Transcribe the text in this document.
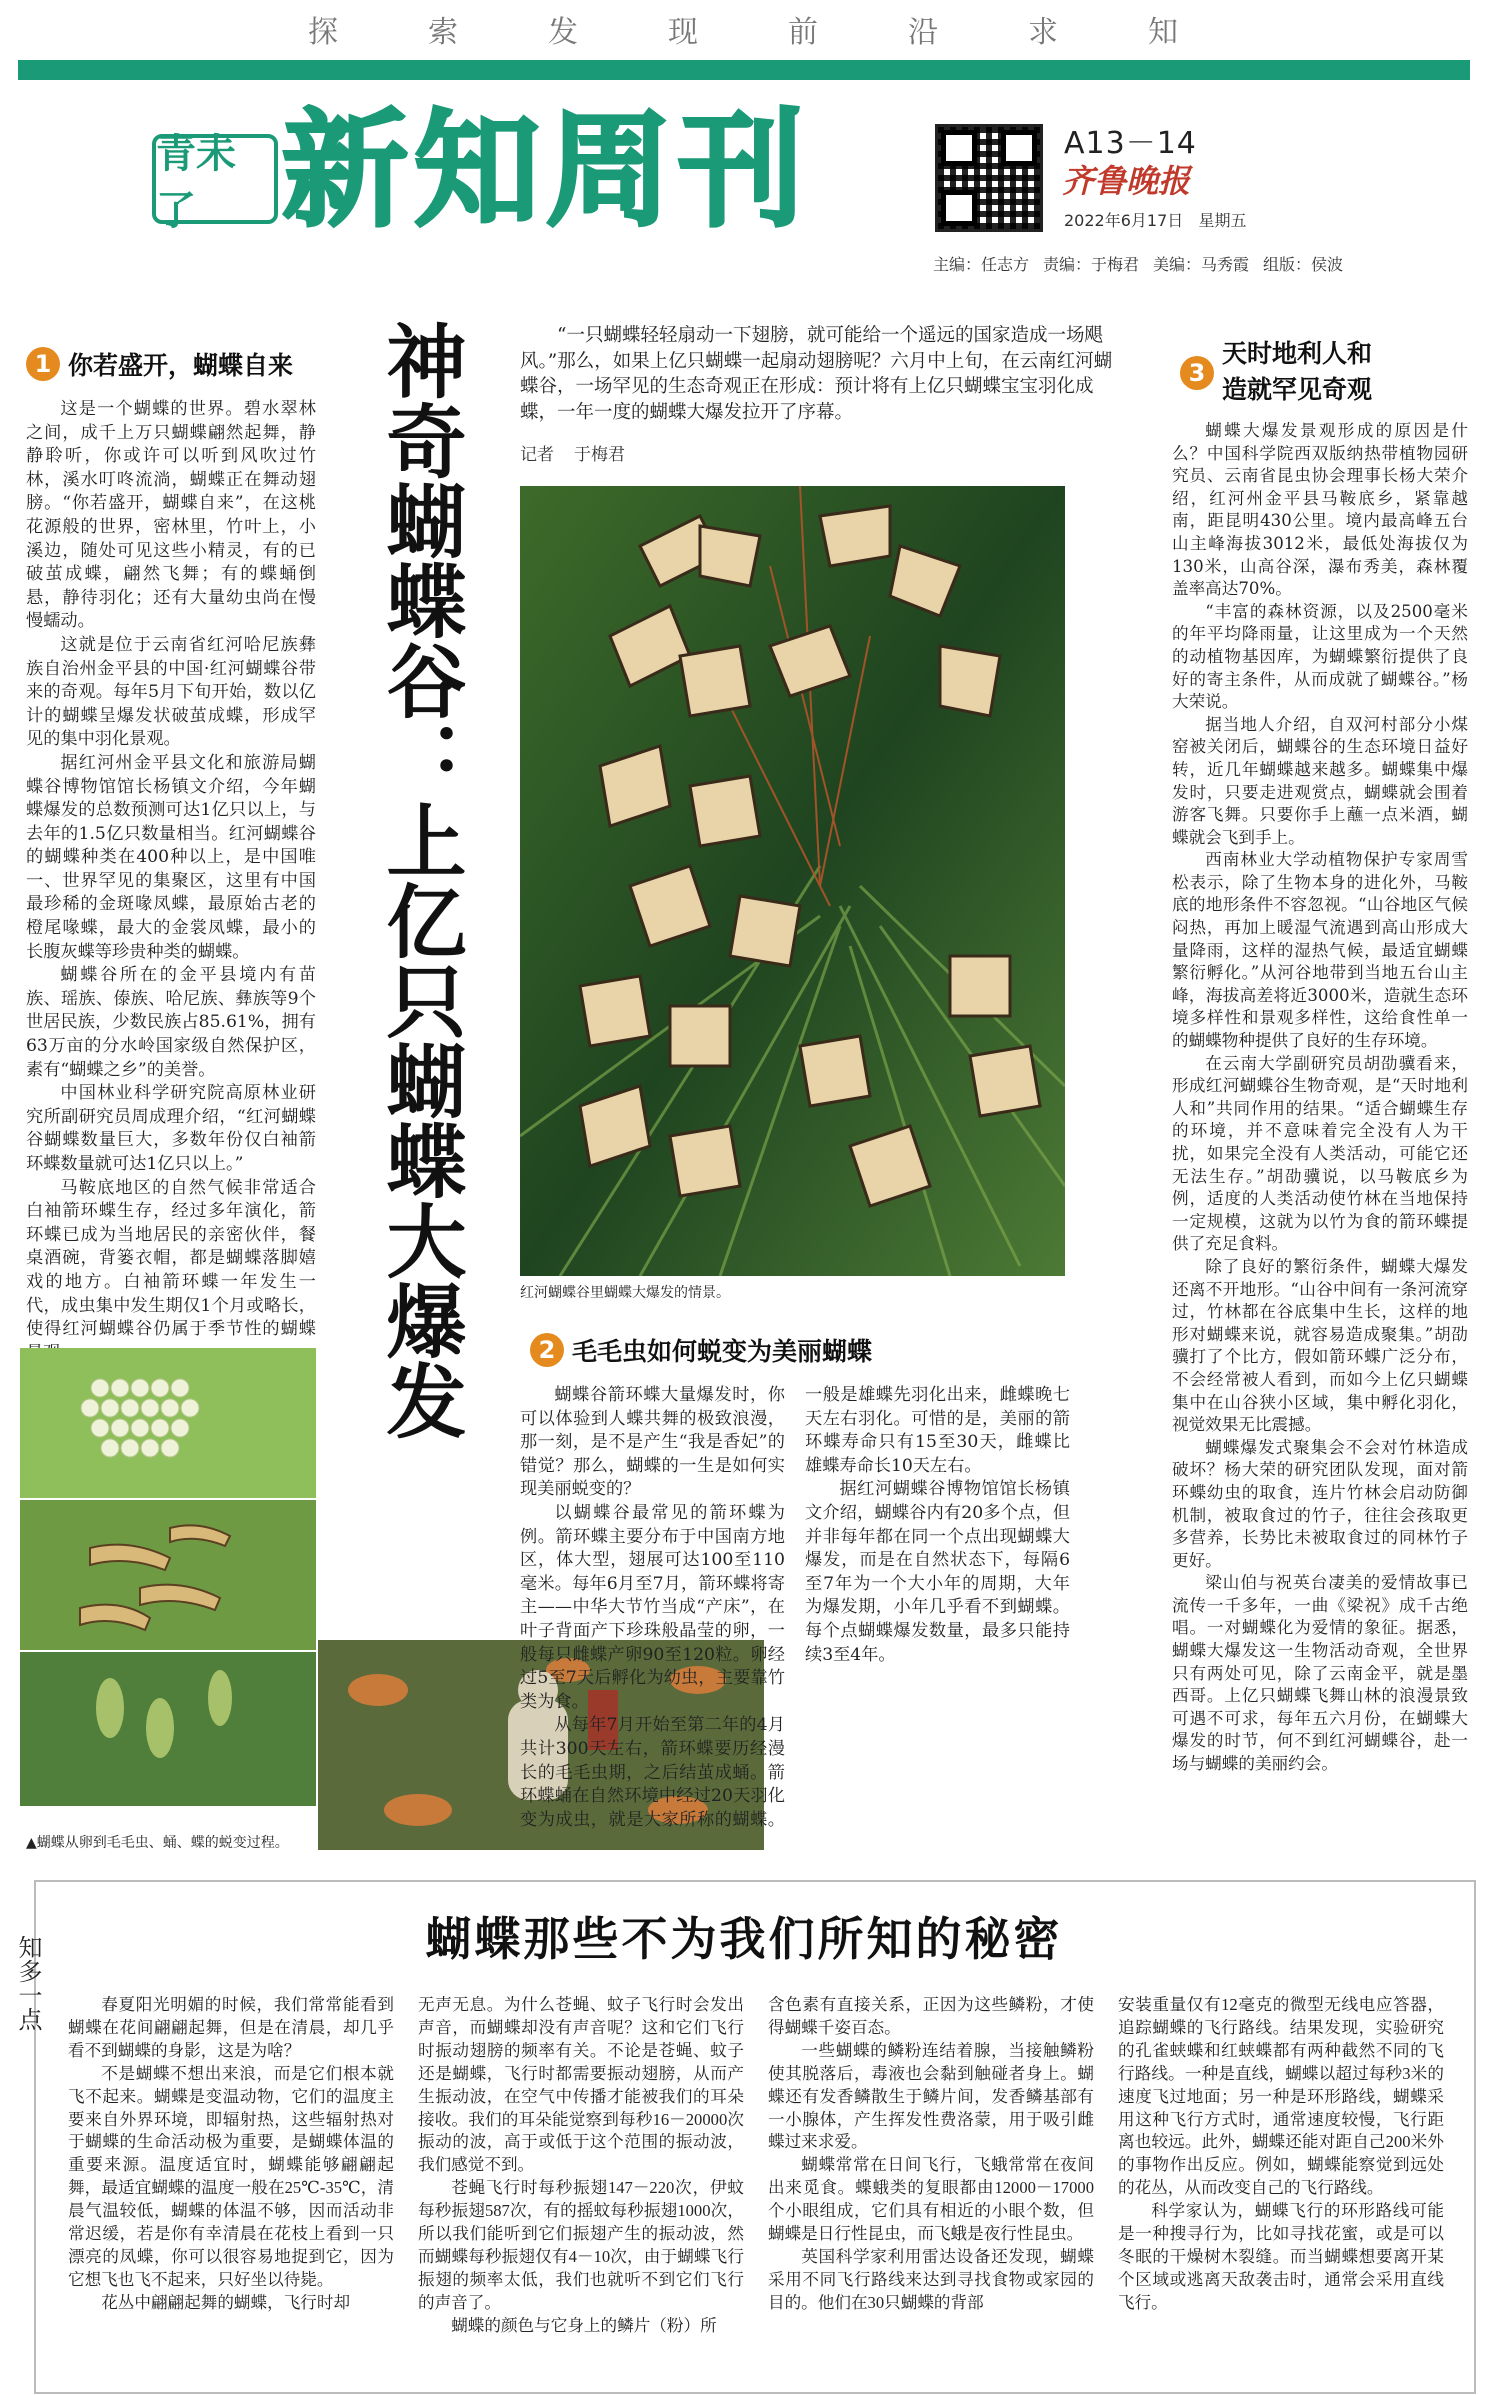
探	索	发	现	前	沿	求	知
青未了 新知周刊	A13－14
齐鲁晚报
2022年6月17日 星期五
主编：任志方 责编：于梅君 美编：马秀霞 组版：侯波
神奇蝴蝶谷：上亿只蝴蝶大爆发	“一只蝴蝶轻轻扇动一下翅膀，就可能给一个遥远的国家造成一场飓风。”那么，如果上亿只蝴蝶一起扇动翅膀呢？六月中上旬，在云南红河蝴蝶谷，一场罕见的生态奇观正在形成：预计将有上亿只蝴蝶宝宝羽化成蝶，一年一度的蝴蝶大爆发拉开了序幕。
记者 于梅君
红河蝴蝶谷里蝴蝶大爆发的情景。
1 你若盛开，蝴蝶自来

这是一个蝴蝶的世界。碧水翠林之间，成千上万只蝴蝶翩然起舞，静静聆听，你或许可以听到风吹过竹林，溪水叮咚流淌，蝴蝶正在舞动翅膀。“你若盛开，蝴蝶自来”，在这桃花源般的世界，密林里，竹叶上，小溪边，随处可见这些小精灵，有的已破茧成蝶，翩然飞舞；有的蝶蛹倒悬，静待羽化；还有大量幼虫尚在慢慢蠕动。

这就是位于云南省红河哈尼族彝族自治州金平县的中国·红河蝴蝶谷带来的奇观。每年5月下旬开始，数以亿计的蝴蝶呈爆发状破茧成蝶，形成罕见的集中羽化景观。

据红河州金平县文化和旅游局蝴蝶谷博物馆馆长杨镇文介绍，今年蝴蝶爆发的总数预测可达1亿只以上，与去年的1.5亿只数量相当。红河蝴蝶谷的蝴蝶种类在400种以上，是中国唯一、世界罕见的集聚区，这里有中国最珍稀的金斑喙凤蝶，最原始古老的橙尾喙蝶，最大的金裳凤蝶，最小的长腹灰蝶等珍贵种类的蝴蝶。

蝴蝶谷所在的金平县境内有苗族、瑶族、傣族、哈尼族、彝族等9个世居民族，少数民族占85.61%，拥有63万亩的分水岭国家级自然保护区，素有“蝴蝶之乡”的美誉。

中国林业科学研究院高原林业研究所副研究员周成理介绍，“红河蝴蝶谷蝴蝶数量巨大，多数年份仅白袖箭环蝶数量就可达1亿只以上。”

马鞍底地区的自然气候非常适合白袖箭环蝶生存，经过多年演化，箭环蝶已成为当地居民的亲密伙伴，餐桌酒碗，背篓衣帽，都是蝴蝶落脚嬉戏的地方。白袖箭环蝶一年发生一代，成虫集中发生期仅1个月或略长，使得红河蝴蝶谷仍属于季节性的蝴蝶

▲蝴蝶从卵到毛毛虫、蛹、蝶的蜕变过程。
2 毛毛虫如何蜕变为美丽蝴蝶

蝴蝶谷箭环蝶大量爆发时，你可以体验到人蝶共舞的极致浪漫，那一刻，是不是产生“我是香妃”的错觉？那么，蝴蝶的一生是如何实现美丽蜕变的？

以蝴蝶谷最常见的箭环蝶为例。箭环蝶主要分布于中国南方地区，体大型，翅展可达100至110毫米。每年6月至7月，箭环蝶将寄主——中华大节竹当成“产床”，在叶子背面产下珍珠般晶莹的卵，一般每只雌蝶产卵90至120粒。卵经过5至7天后孵化为幼虫，主要靠竹类为食。

从每年7月开始至第二年的4月共计300天左右，箭环蝶要历经漫长的毛毛虫期，之后结茧成蛹。箭环蝶蛹在自然环境中经过20天羽化变为成虫，就是大家所称的蝴蝶。一般是雄蝶先羽化出来，雌蝶晚七天左右羽化。可惜的是，美丽的箭环蝶寿命只有15至30天，雌蝶比雄蝶寿命长10天左右。

据红河蝴蝶谷博物馆馆长杨镇文介绍，蝴蝶谷内有20多个点，但并非每年都在同一个点出现蝴蝶大爆发，而是在自然状态下，每隔6至7年为一个大小年的周期，大年为爆发期，小年几乎看不到蝴蝶。每个点蝴蝶爆发数量，最多只能持续3至4年。

3
天时地利人和
造就罕见奇观

蝴蝶大爆发景观形成的原因是什么？中国科学院西双版纳热带植物园研究员、云南省昆虫协会理事长杨大荣介绍，红河州金平县马鞍底乡，紧靠越南，距昆明430公里。境内最高峰五台山主峰海拔3012米，最低处海拔仅为130米，山高谷深，瀑布秀美，森林覆盖率高达70%。

“丰富的森林资源，以及2500毫米的年平均降雨量，让这里成为一个天然的动植物基因库，为蝴蝶繁衍提供了良好的寄主条件，从而成就了蝴蝶谷。”杨大荣说。

据当地人介绍，自双河村部分小煤窑被关闭后，蝴蝶谷的生态环境日益好转，近几年蝴蝶越来越多。蝴蝶集中爆发时，只要走进观赏点，蝴蝶就会围着游客飞舞。只要你手上蘸一点米酒，蝴蝶就会飞到手上。

西南林业大学动植物保护专家周雪松表示，除了生物本身的进化外，马鞍底的地形条件不容忽视。“山谷地区气候闷热，再加上暖湿气流遇到高山形成大量降雨，这样的湿热气候，最适宜蝴蝶繁衍孵化。”从河谷地带到当地五台山主峰，海拔高差将近3000米，造就生态环境多样性和景观多样性，这给食性单一的蝴蝶物种提供了良好的生存环境。

在云南大学副研究员胡劭骥看来，形成红河蝴蝶谷生物奇观，是“天时地利人和”共同作用的结果。“适合蝴蝶生存的环境，并不意味着完全没有人为干扰，如果完全没有人类活动，可能它还无法生存。”胡劭骥说，以马鞍底乡为例，适度的人类活动使竹林在当地保持一定规模，这就为以竹为食的箭环蝶提供了充足食料。

除了良好的繁衍条件，蝴蝶大爆发还离不开地形。“山谷中间有一条河流穿过，竹林都在谷底集中生长，这样的地形对蝴蝶来说，就容易造成聚集。”胡劭骥打了个比方，假如箭环蝶广泛分布，不会经常被人看到，而如今上亿只蝴蝶集中在山谷狭小区域，集中孵化羽化，视觉效果无比震撼。

蝴蝶爆发式聚集会不会对竹林造成破坏？杨大荣的研究团队发现，面对箭环蝶幼虫的取食，连片竹林会启动防御机制，被取食过的竹子，往往会孩取更多营养，长势比未被取食过的同林竹子更好。

梁山伯与祝英台凄美的爱情故事已流传一千多年，一曲《梁祝》成千古绝唱。一对蝴蝶化为爱情的象征。据悉，蝴蝶大爆发这一生物活动奇观，全世界只有两处可见，除了云南金平，就是墨西哥。上亿只蝴蝶飞舞山林的浪漫景致可遇不可求，每年五六月份，在蝴蝶大爆发的时节，何不到红河蝴蝶谷，赴一场与蝴蝶的美丽约会。

知多一点	蝴蝶那些不为我们所知的秘密

春夏阳光明媚的时候，我们常常能看到蝴蝶在花间翩翩起舞，但是在清晨，却几乎看不到蝴蝶的身影，这是为啥？

不是蝴蝶不想出来浪，而是它们根本就飞不起来。蝴蝶是变温动物，它们的温度主要来自外界环境，即辐射热，这些辐射热对于蝴蝶的生命活动极为重要，是蝴蝶体温的重要来源。温度适宜时，蝴蝶能够翩翩起舞，最适宜蝴蝶的温度一般在25℃-35℃，清晨气温较低，蝴蝶的体温不够，因而活动非常迟缓，若是你有幸清晨在花枝上看到一只漂亮的凤蝶，你可以很容易地捉到它，因为它想飞也飞不起来，只好坐以待毙。

花丛中翩翩起舞的蝴蝶，飞行时却

无声无息。为什么苍蝇、蚊子飞行时会发出声音，而蝴蝶却没有声音呢？这和它们飞行时振动翅膀的频率有关。不论是苍蝇、蚊子还是蝴蝶，飞行时都需要振动翅膀，从而产生振动波，在空气中传播才能被我们的耳朵接收。我们的耳朵能觉察到每秒16－20000次振动的波，高于或低于这个范围的振动波，我们感觉不到。

苍蝇飞行时每秒振翅147－220次，伊蚊每秒振翅587次，有的摇蚊每秒振翅1000次，所以我们能听到它们振翅产生的振动波，然而蝴蝶每秒振翅仅有4－10次，由于蝴蝶飞行振翅的频率太低，我们也就听不到它们飞行的声音了。

蝴蝶的颜色与它身上的鳞片（粉）所

含色素有直接关系，正因为这些鳞粉，才使得蝴蝶千姿百态。

一些蝴蝶的鳞粉连结着腺，当接触鳞粉使其脱落后，毒液也会黏到触碰者身上。蝴蝶还有发香鳞散生于鳞片间，发香鳞基部有一小腺体，产生挥发性费洛蒙，用于吸引雌蝶过来求爱。

蝴蝶常常在日间飞行，飞蛾常常在夜间出来觅食。蝶蛾类的复眼都由12000－17000个小眼组成，它们具有相近的小眼个数，但蝴蝶是日行性昆虫，而飞蛾是夜行性昆虫。

英国科学家利用雷达设备还发现，蝴蝶采用不同飞行路线来达到寻找食物或家园的目的。他们在30只蝴蝶的背部

安装重量仅有12毫克的微型无线电应答器，追踪蝴蝶的飞行路线。结果发现，实验研究的孔雀蛱蝶和红蛱蝶都有两种截然不同的飞行路线。一种是直线，蝴蝶以超过每秒3米的速度飞过地面；另一种是环形路线，蝴蝶采用这种飞行方式时，通常速度较慢，飞行距离也较远。此外，蝴蝶还能对距自己200米外的事物作出反应。例如，蝴蝶能察觉到远处的花丛，从而改变自己的飞行路线。

科学家认为，蝴蝶飞行的环形路线可能是一种搜寻行为，比如寻找花蜜，或是可以冬眠的干燥树木裂缝。而当蝴蝶想要离开某个区域或逃离天敌袭击时，通常会采用直线飞行。
